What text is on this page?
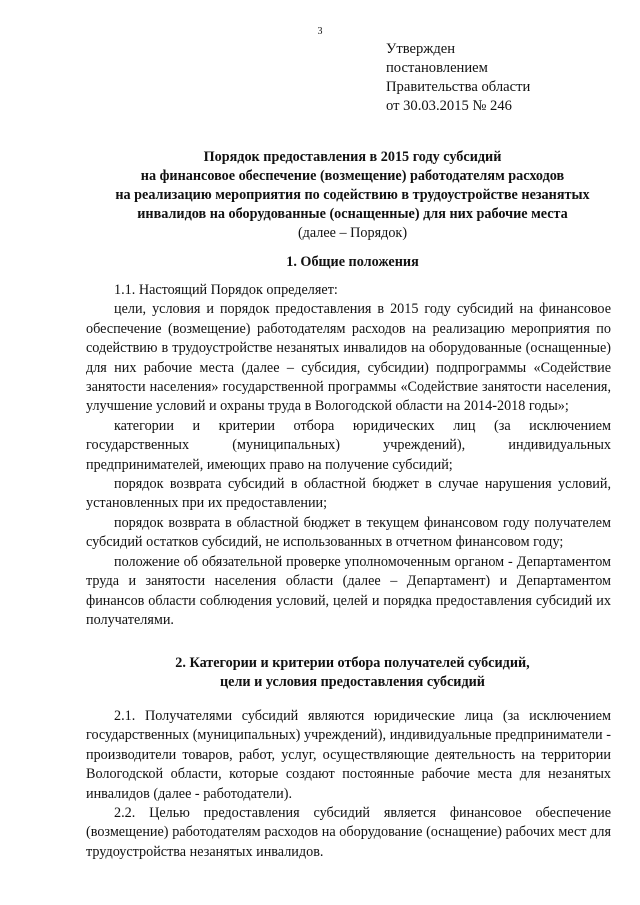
3
Утвержден
постановлением
Правительства области
от 30.03.2015 № 246
Порядок предоставления в 2015 году субсидий
на финансовое обеспечение (возмещение) работодателям расходов
на реализацию мероприятия по содействию в трудоустройстве незанятых
инвалидов на оборудованные (оснащенные) для них рабочие места
(далее – Порядок)
1. Общие положения

1.1. Настоящий Порядок определяет:

цели, условия и порядок предоставления в 2015 году субсидий на финансовое обеспечение (возмещение) работодателям расходов на реализацию мероприятия по содействию в трудоустройстве незанятых инвалидов на оборудованные (оснащенные) для них рабочие места (далее – субсидия, субсидии) подпрограммы «Содействие занятости населения» государственной программы «Содействие занятости населения, улучшение условий и охраны труда в Вологодской области на 2014-2018 годы»;

категории и критерии отбора юридических лиц (за исключением государственных (муниципальных) учреждений), индивидуальных предпринимателей, имеющих право на получение субсидий;

порядок возврата субсидий в областной бюджет в случае нарушения условий, установленных при их предоставлении;

порядок возврата в областной бюджет в текущем финансовом году получателем субсидий остатков субсидий, не использованных в отчетном финансовом году;

положение об обязательной проверке уполномоченным органом - Департаментом труда и занятости населения области (далее – Департамент) и Департаментом финансов области соблюдения условий, целей и порядка предоставления субсидий их получателями.

2. Категории и критерии отбора получателей субсидий,
цели и условия предоставления субсидий

2.1. Получателями субсидий являются юридические лица (за исключением государственных (муниципальных) учреждений), индивидуальные предприниматели - производители товаров, работ, услуг, осуществляющие деятельность на территории Вологодской области, которые создают постоянные рабочие места для незанятых инвалидов (далее - работодатели).

2.2. Целью предоставления субсидий является финансовое обеспечение (возмещение) работодателям расходов на оборудование (оснащение) рабочих мест для трудоустройства незанятых инвалидов.
